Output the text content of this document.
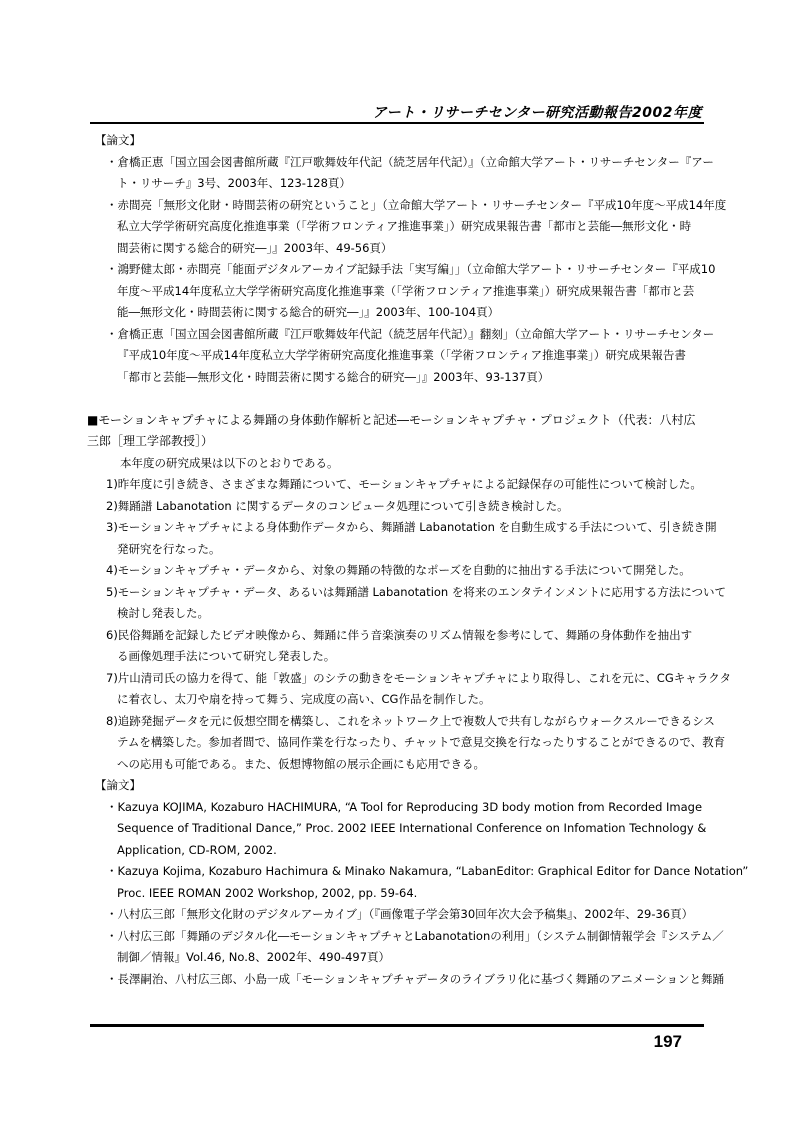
アート・リサーチセンター研究活動報告2002年度
【論文】
・倉橋正恵「国立国会図書館所蔵『江戸歌舞妓年代記（続芝居年代記）』（立命館大学アート・リサーチセンター『アー
ト・リサーチ』3号、2003年、123-128頁）
・赤間亮「無形文化財・時間芸術の研究ということ」（立命館大学アート・リサーチセンター『平成10年度～平成14年度
私立大学学術研究高度化推進事業（「学術フロンティア推進事業」）研究成果報告書「都市と芸能―無形文化・時
間芸術に関する総合的研究―」』2003年、49-56頁）
・鴻野健太郎・赤間亮「能面デジタルアーカイブ記録手法「実写編」」（立命館大学アート・リサーチセンター『平成10
年度～平成14年度私立大学学術研究高度化推進事業（「学術フロンティア推進事業」）研究成果報告書「都市と芸
能―無形文化・時間芸術に関する総合的研究―」』2003年、100-104頁）
・倉橋正恵「国立国会図書館所蔵『江戸歌舞妓年代記（続芝居年代記）』翻刻」（立命館大学アート・リサーチセンター
『平成10年度～平成14年度私立大学学術研究高度化推進事業（「学術フロンティア推進事業」）研究成果報告書
「都市と芸能―無形文化・時間芸術に関する総合的研究―」』2003年、93-137頁）
■モーションキャプチャによる舞踊の身体動作解析と記述―モーションキャプチャ・プロジェクト（代表：八村広
三郎［理工学部教授］）
本年度の研究成果は以下のとおりである。
1)昨年度に引き続き、さまざまな舞踊について、モーションキャプチャによる記録保存の可能性について検討した。
2)舞踊譜 Labanotation に関するデータのコンピュータ処理について引き続き検討した。
3)モーションキャプチャによる身体動作データから、舞踊譜 Labanotation を自動生成する手法について、引き続き開
発研究を行なった。
4)モーションキャプチャ・データから、対象の舞踊の特徴的なポーズを自動的に抽出する手法について開発した。
5)モーションキャプチャ・データ、あるいは舞踊譜 Labanotation を将来のエンタテインメントに応用する方法について
検討し発表した。
6)民俗舞踊を記録したビデオ映像から、舞踊に伴う音楽演奏のリズム情報を参考にして、舞踊の身体動作を抽出す
る画像処理手法について研究し発表した。
7)片山清司氏の協力を得て、能「敦盛」のシテの動きをモーションキャプチャにより取得し、これを元に、CGキャラクタ
に着衣し、太刀や扇を持って舞う、完成度の高い、CG作品を制作した。
8)追跡発掘データを元に仮想空間を構築し、これをネットワーク上で複数人で共有しながらウォークスルーできるシス
テムを構築した。参加者間で、協同作業を行なったり、チャットで意見交換を行なったりすることができるので、教育
への応用も可能である。また、仮想博物館の展示企画にも応用できる。
【論文】
・Kazuya KOJIMA, Kozaburo HACHIMURA, “A Tool for Reproducing 3D body motion from Recorded Image
Sequence of Traditional Dance,” Proc. 2002 IEEE International Conference on Infomation Technology &
Application, CD-ROM, 2002.
・Kazuya Kojima, Kozaburo Hachimura & Minako Nakamura, “LabanEditor: Graphical Editor for Dance Notation”
Proc. IEEE ROMAN 2002 Workshop, 2002, pp. 59-64.
・八村広三郎「無形文化財のデジタルアーカイブ」（『画像電子学会第30回年次大会予稿集』、2002年、29-36頁）
・八村広三郎「舞踊のデジタル化―モーションキャプチャとLabanotationの利用」（システム制御情報学会『システム／
制御／情報』Vol.46, No.8、2002年、490-497頁）
・長澤嗣治、八村広三郎、小島一成「モーションキャプチャデータのライブラリ化に基づく舞踊のアニメーションと舞踊
197
